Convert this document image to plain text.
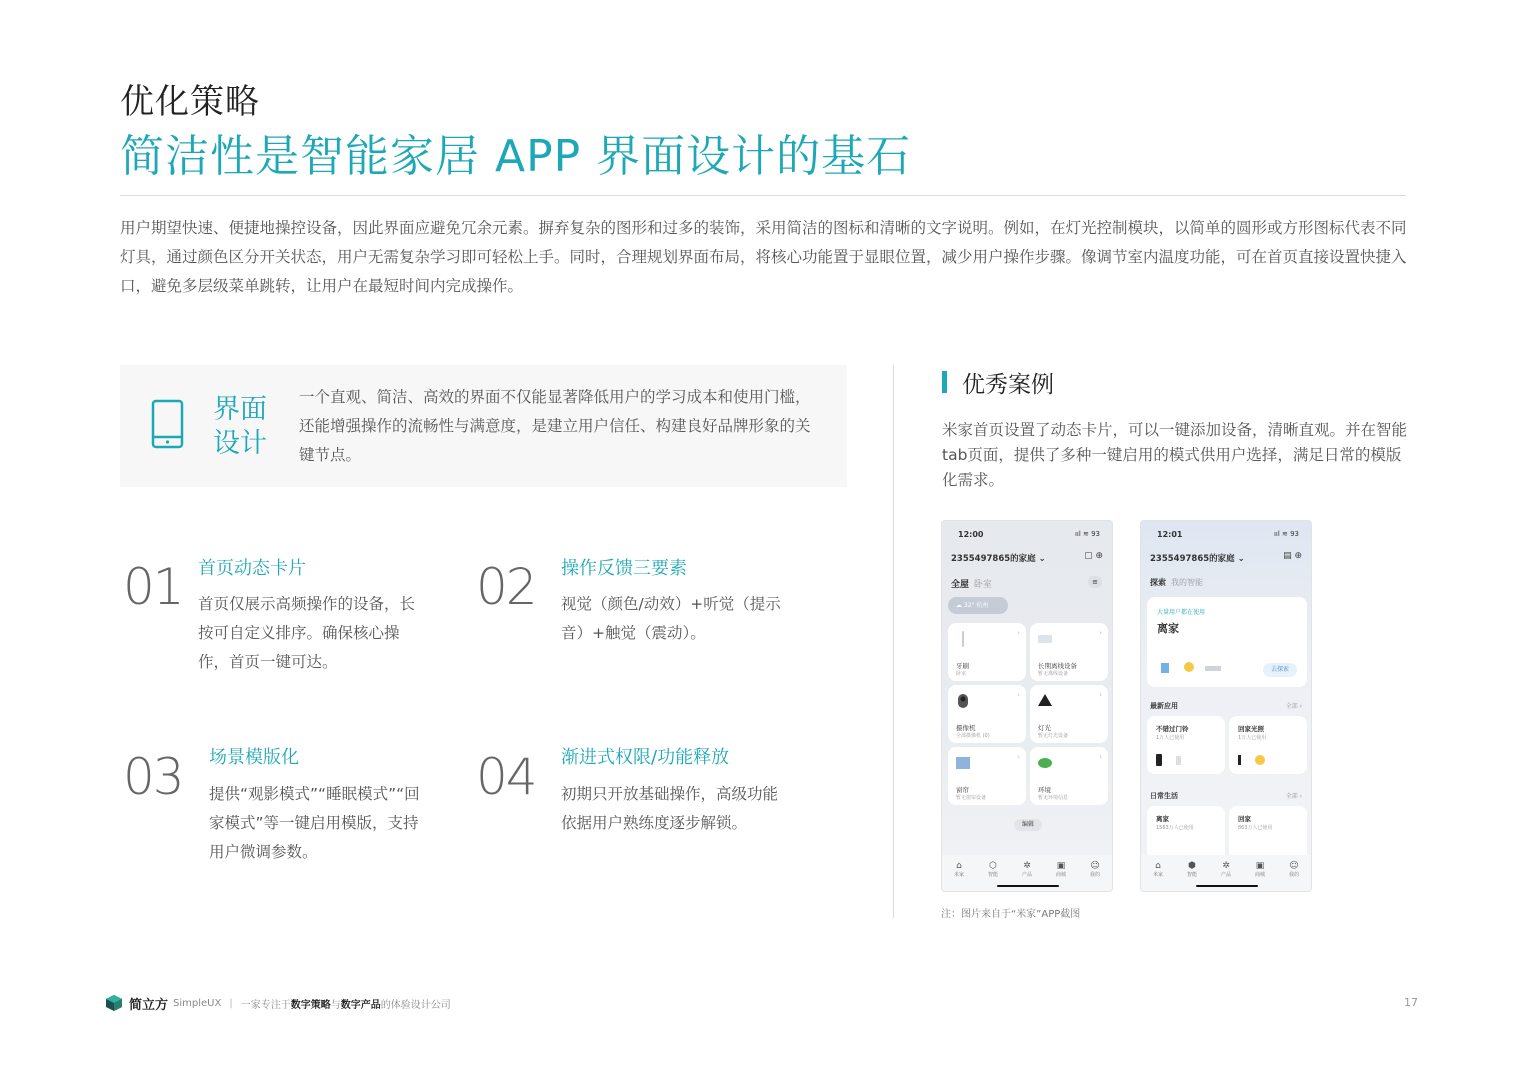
优化策略
简洁性是智能家居 APP 界面设计的基石

用户期望快速、便捷地操控设备，因此界面应避免冗余元素。摒弃复杂的图形和过多的装饰，采用简洁的图标和清晰的文字说明。例如，在灯光控制模块，以简单的圆形或方形图标代表不同灯具，通过颜色区分开关状态，用户无需复杂学习即可轻松上手。同时，合理规划界面布局，将核心功能置于显眼位置，减少用户操作步骤。像调节室内温度功能，可在首页直接设置快捷入口，避免多层级菜单跳转，让用户在最短时间内完成操作。

界面
设计

一个直观、简洁、高效的界面不仅能显著降低用户的学习成本和使用门槛，还能增强操作的流畅性与满意度，是建立用户信任、构建良好品牌形象的关键节点。

01 首页动态卡片

首页仅展示高频操作的设备，长按可自定义排序。确保核心操作，首页一键可达。

02 操作反馈三要素

视觉（颜色/动效）+听觉（提示音）+触觉（震动）。

03 场景模版化

提供“观影模式”“睡眠模式”“回家模式”等一键启用模版，支持用户微调参数。

04 渐进式权限/功能释放

初期只开放基础操作，高级功能依据用户熟练度逐步解锁。

优秀案例

米家首页设置了动态卡片，可以一键添加设备，清晰直观。并在智能tab页面，提供了多种一键启用的模式供用户选择，满足日常的模版化需求。

12:00	ııl ≋ 93
2355497865的家庭 ⌄	▢ ⊕
全屋 卧室	≡
☁ 32° 杭州
›
牙刷
卧室
›
长期离线设备
暂无离线设备
›
摄像机
全部摄像机 (0)
›
灯光
暂无灯光设备
›
窗帘
暂无窗帘设备
›
环境
暂无环境信息
编辑
⌂
米家
⬡
智能
✲
产品
▣
商城
☺
我的
12:01	ııl ≋ 93
2355497865的家庭 ⌄	▤ ⊕
探索 我的智能
大量用户都在使用
离家
去探索
最新应用	全部 ›
不错过门铃
1万人已使用
回家光照
1万人已使用
日常生活	全部 ›
离家
1563万人已使用
回家
863万人已使用
⌂
米家
⬢
智能
✲
产品
▣
商城
☺
我的
注：图片来自于“米家”APP截图
简立方 SimpleUX | 一家专注于数字策略与数字产品的体验设计公司	17
